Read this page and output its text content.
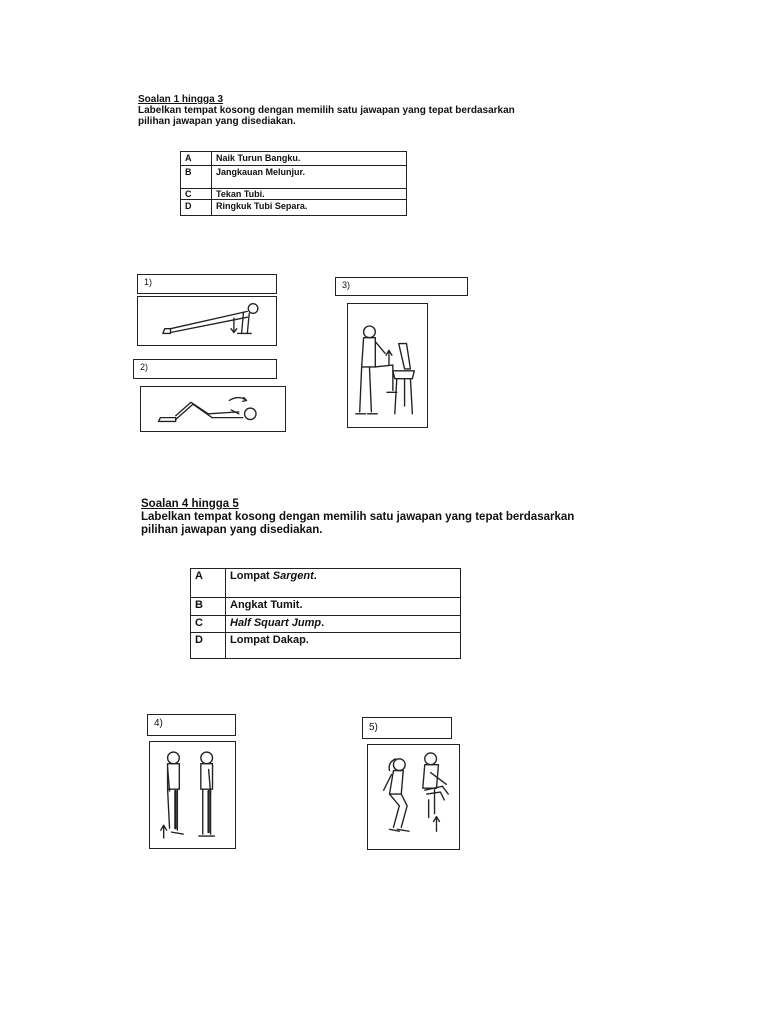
Soalan 1 hingga 3
Labelkan tempat kosong dengan memilih satu jawapan yang tepat berdasarkan
pilihan jawapan yang disediakan.
A	Naik Turun Bangku.
B	Jangkauan Melunjur.
C	Tekan Tubi.
D	Ringkuk Tubi Separa.
1)
2)
3)
Soalan 4 hingga 5
Labelkan tempat kosong dengan memilih satu jawapan yang tepat berdasarkan
pilihan jawapan yang disediakan.
A	Lompat Sargent.
B	Angkat Tumit.
C	Half Squart Jump.
D	Lompat Dakap.
4)	5)
